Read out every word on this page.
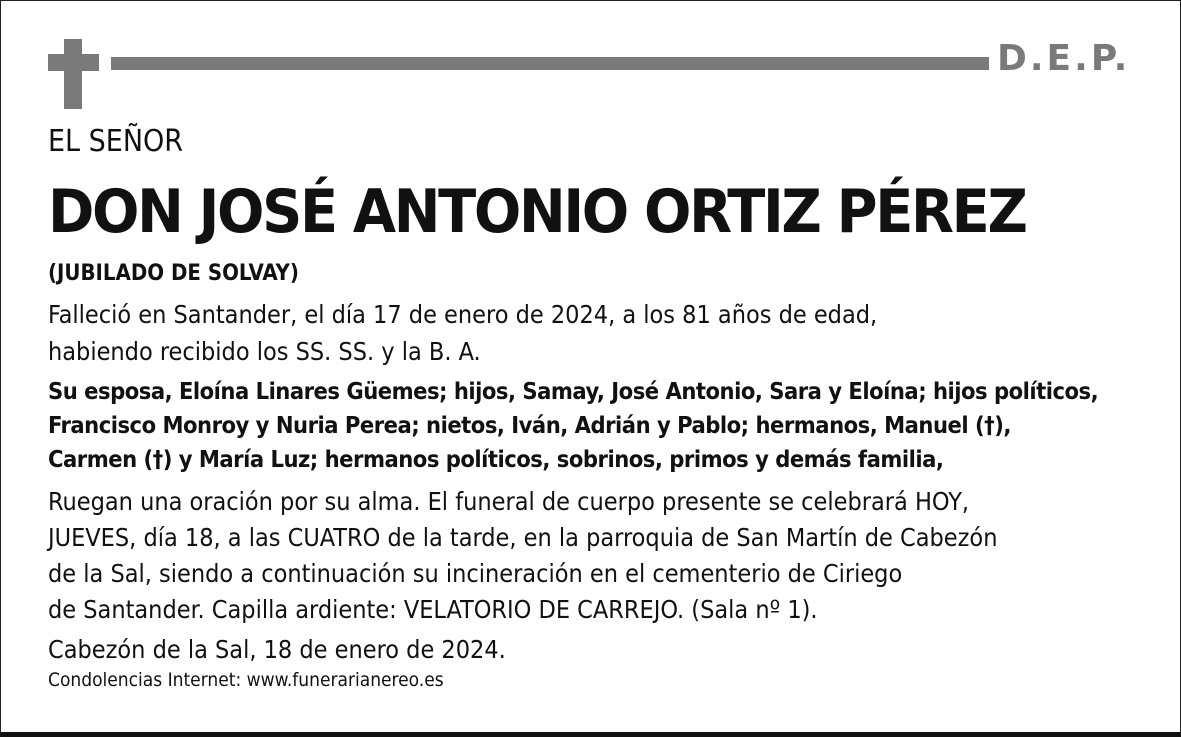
D.E.P.

EL SEÑOR

DON JOSÉ ANTONIO ORTIZ PÉREZ

(JUBILADO DE SOLVAY)

Falleció en Santander, el día 17 de enero de 2024, a los 81 años de edad,

habiendo recibido los SS. SS. y la B. A.

Su esposa, Eloína Linares Güemes; hijos, Samay, José Antonio, Sara y Eloína; hijos políticos,

Francisco Monroy y Nuria Perea; nietos, Iván, Adrián y Pablo; hermanos, Manuel (†),

Carmen (†) y María Luz; hermanos políticos, sobrinos, primos y demás familia,

Ruegan una oración por su alma. El funeral de cuerpo presente se celebrará HOY,

JUEVES, día 18, a las CUATRO de la tarde, en la parroquia de San Martín de Cabezón

de la Sal, siendo a continuación su incineración en el cementerio de Ciriego

de Santander. Capilla ardiente: VELATORIO DE CARREJO. (Sala nº 1).

Cabezón de la Sal, 18 de enero de 2024.

Condolencias Internet: www.funerarianereo.es
